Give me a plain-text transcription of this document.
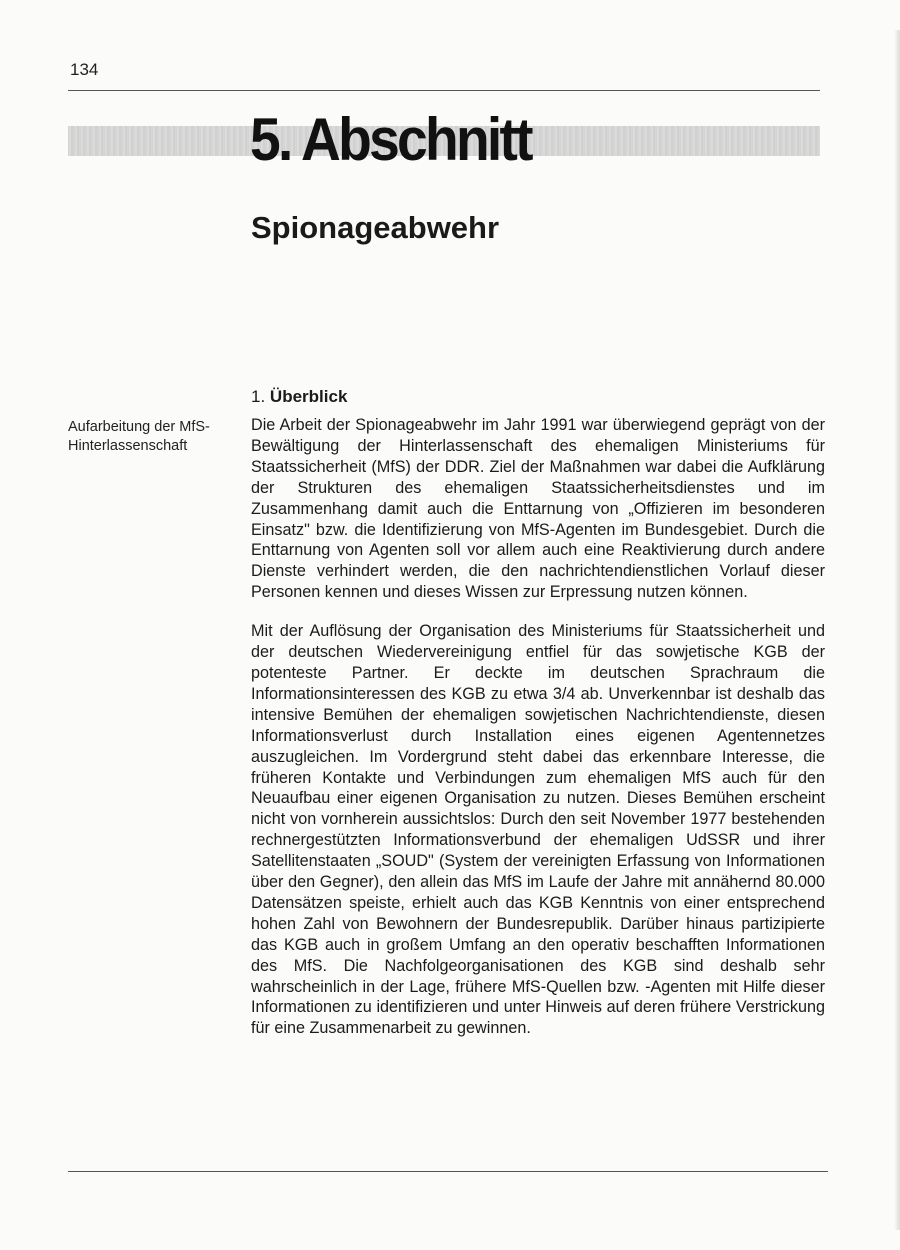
134
5. Abschnitt
Spionageabwehr
Aufarbeitung der MfS-Hinterlassenschaft
1. Überblick

Die Arbeit der Spionageabwehr im Jahr 1991 war überwiegend geprägt von der Bewältigung der Hinterlassenschaft des ehemaligen Ministeriums für Staatssicherheit (MfS) der DDR. Ziel der Maßnahmen war dabei die Aufklärung der Strukturen des ehemaligen Staatssicherheitsdienstes und im Zusammenhang damit auch die Enttarnung von „Offizieren im besonderen Einsatz" bzw. die Identifizierung von MfS-Agenten im Bundesgebiet. Durch die Enttarnung von Agenten soll vor allem auch eine Reaktivierung durch andere Dienste verhindert werden, die den nachrichtendienstlichen Vorlauf dieser Personen kennen und dieses Wissen zur Erpressung nutzen können.

Mit der Auflösung der Organisation des Ministeriums für Staatssicherheit und der deutschen Wiedervereinigung entfiel für das sowjetische KGB der potenteste Partner. Er deckte im deutschen Sprachraum die Informationsinteressen des KGB zu etwa 3/4 ab. Unverkennbar ist deshalb das intensive Bemühen der ehemaligen sowjetischen Nachrichtendienste, diesen Informationsverlust durch Installation eines eigenen Agentennetzes auszugleichen. Im Vordergrund steht dabei das erkennbare Interesse, die früheren Kontakte und Verbindungen zum ehemaligen MfS auch für den Neuaufbau einer eigenen Organisation zu nutzen. Dieses Bemühen erscheint nicht von vornherein aussichtslos: Durch den seit November 1977 bestehenden rechnergestützten Informationsverbund der ehemaligen UdSSR und ihrer Satellitenstaaten „SOUD" (System der vereinigten Erfassung von Informationen über den Gegner), den allein das MfS im Laufe der Jahre mit annähernd 80.000 Datensätzen speiste, erhielt auch das KGB Kenntnis von einer entsprechend hohen Zahl von Bewohnern der Bundesrepublik. Darüber hinaus partizipierte das KGB auch in großem Umfang an den operativ beschafften Informationen des MfS. Die Nachfolgeorganisationen des KGB sind deshalb sehr wahrscheinlich in der Lage, frühere MfS-Quellen bzw. -Agenten mit Hilfe dieser Informationen zu identifizieren und unter Hinweis auf deren frühere Verstrickung für eine Zusammenarbeit zu gewinnen.
